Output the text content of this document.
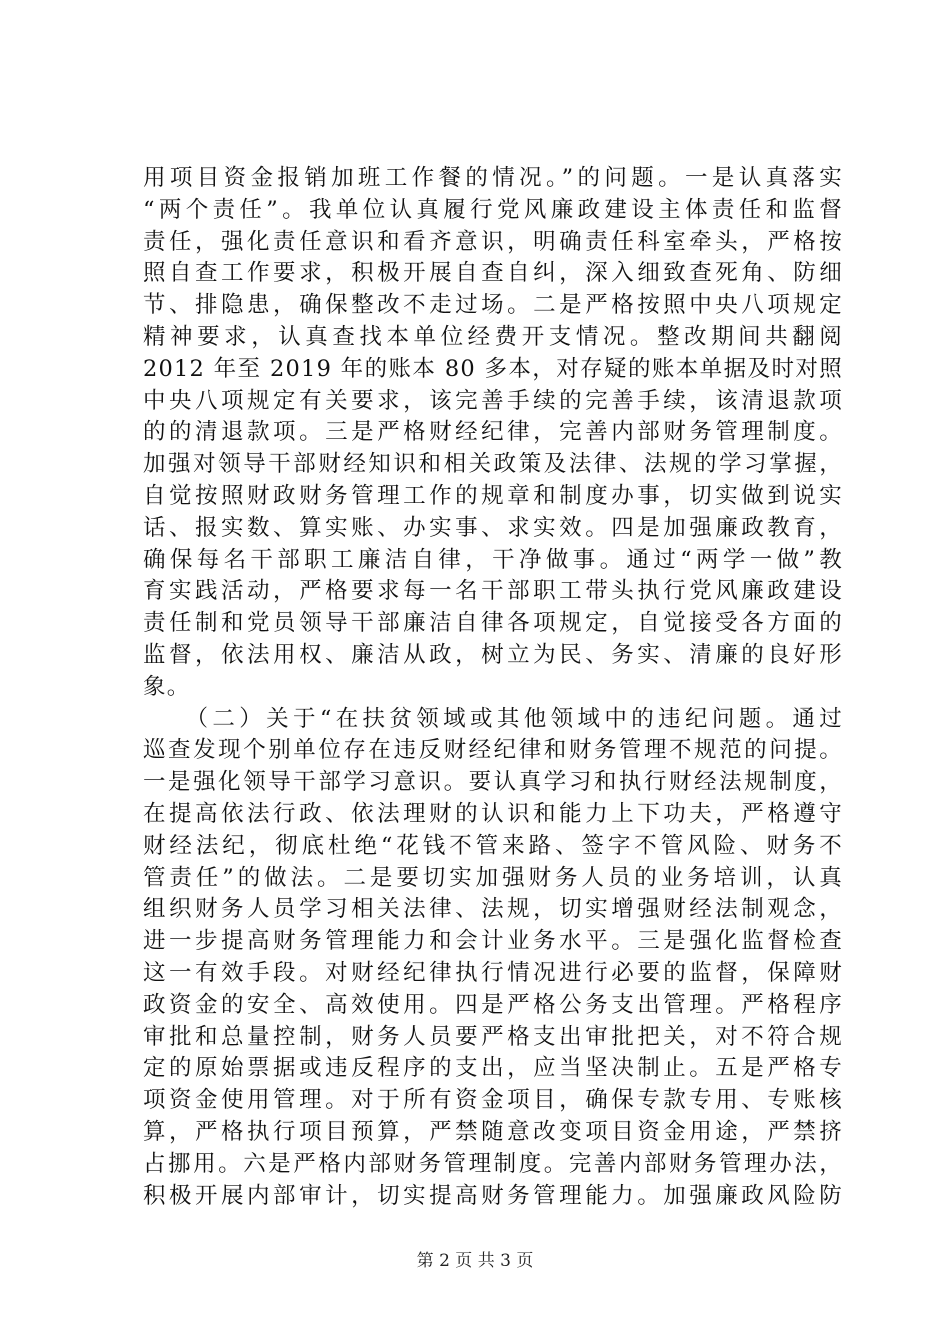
用项目资金报销加班工作餐的情况。”的问题。一是认真落实
“两个责任”。我单位认真履行党风廉政建设主体责任和监督
责任，强化责任意识和看齐意识，明确责任科室牵头，严格按
照自查工作要求，积极开展自查自纠，深入细致查死角、防细
节、排隐患，确保整改不走过场。二是严格按照中央八项规定
精神要求，认真查找本单位经费开支情况。整改期间共翻阅
2012 年至 2019 年的账本 80 多本，对存疑的账本单据及时对照
中央八项规定有关要求，该完善手续的完善手续，该清退款项
的的清退款项。三是严格财经纪律，完善内部财务管理制度。
加强对领导干部财经知识和相关政策及法律、法规的学习掌握，
自觉按照财政财务管理工作的规章和制度办事，切实做到说实
话、报实数、算实账、办实事、求实效。四是加强廉政教育，
确保每名干部职工廉洁自律，干净做事。通过“两学一做”教
育实践活动，严格要求每一名干部职工带头执行党风廉政建设
责任制和党员领导干部廉洁自律各项规定，自觉接受各方面的
监督，依法用权、廉洁从政，树立为民、务实、清廉的良好形
象。
　　（二）关于“在扶贫领域或其他领域中的违纪问题。通过
巡查发现个别单位存在违反财经纪律和财务管理不规范的问提。
一是强化领导干部学习意识。要认真学习和执行财经法规制度，
在提高依法行政、依法理财的认识和能力上下功夫，严格遵守
财经法纪，彻底杜绝“花钱不管来路、签字不管风险、财务不
管责任”的做法。二是要切实加强财务人员的业务培训，认真
组织财务人员学习相关法律、法规，切实增强财经法制观念，
进一步提高财务管理能力和会计业务水平。三是强化监督检查
这一有效手段。对财经纪律执行情况进行必要的监督，保障财
政资金的安全、高效使用。四是严格公务支出管理。严格程序
审批和总量控制，财务人员要严格支出审批把关，对不符合规
定的原始票据或违反程序的支出，应当坚决制止。五是严格专
项资金使用管理。对于所有资金项目，确保专款专用、专账核
算，严格执行项目预算，严禁随意改变项目资金用途，严禁挤
占挪用。六是严格内部财务管理制度。完善内部财务管理办法，
积极开展内部审计，切实提高财务管理能力。加强廉政风险防
第 2 页 共 3 页
